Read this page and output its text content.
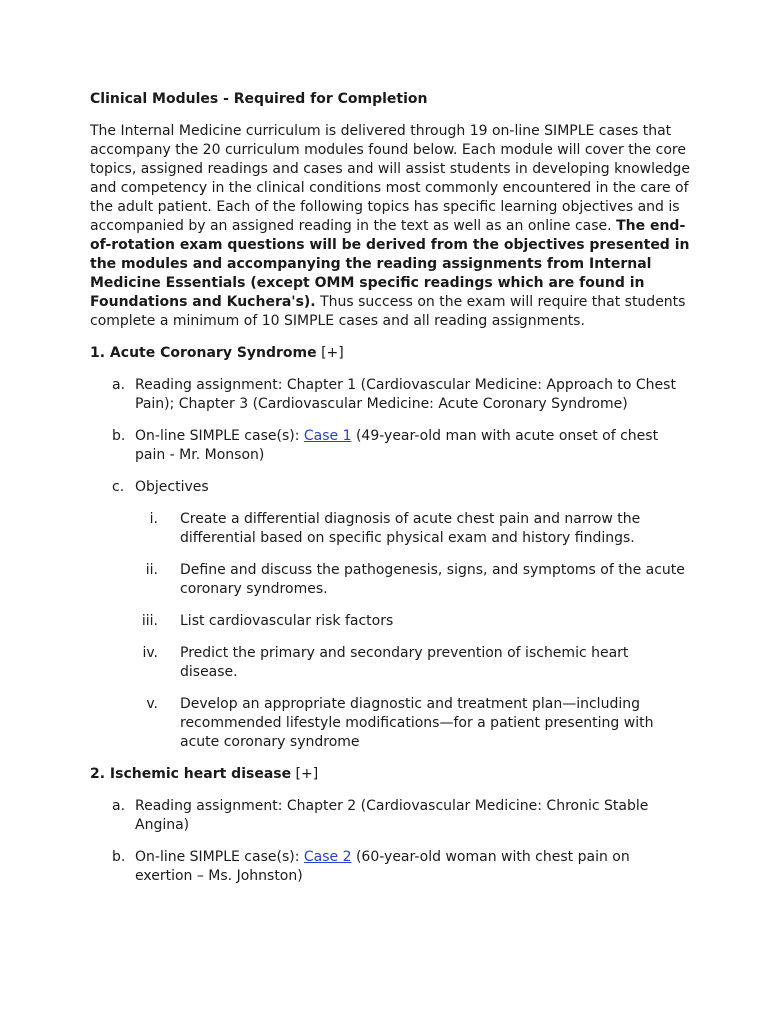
Clinical Modules - Required for Completion

The Internal Medicine curriculum is delivered through 19 on-line SIMPLE cases that accompany the 20 curriculum modules found below. Each module will cover the core topics, assigned readings and cases and will assist students in developing knowledge and competency in the clinical conditions most commonly encountered in the care of the adult patient. Each of the following topics has specific learning objectives and is accompanied by an assigned reading in the text as well as an online case. The end-of-rotation exam questions will be derived from the objectives presented in the modules and accompanying the reading assignments from Internal Medicine Essentials (except OMM specific readings which are found in Foundations and Kuchera's). Thus success on the exam will require that students complete a minimum of 10 SIMPLE cases and all reading assignments.

1. Acute Coronary Syndrome [+]

a. Reading assignment: Chapter 1 (Cardiovascular Medicine: Approach to Chest Pain); Chapter 3 (Cardiovascular Medicine: Acute Coronary Syndrome)
b. On-line SIMPLE case(s): Case 1 (49-year-old man with acute onset of chest pain - Mr. Monson)
c. Objectives
i.	Create a differential diagnosis of acute chest pain and narrow the differential based on specific physical exam and history findings.
ii.	Define and discuss the pathogenesis, signs, and symptoms of the acute coronary syndromes.
iii.	List cardiovascular risk factors
iv.	Predict the primary and secondary prevention of ischemic heart disease.
v.	Develop an appropriate diagnostic and treatment plan—including recommended lifestyle modifications—for a patient presenting with acute coronary syndrome

2. Ischemic heart disease [+]

a. Reading assignment: Chapter 2 (Cardiovascular Medicine: Chronic Stable Angina)
b. On-line SIMPLE case(s): Case 2 (60-year-old woman with chest pain on exertion – Ms. Johnston)
